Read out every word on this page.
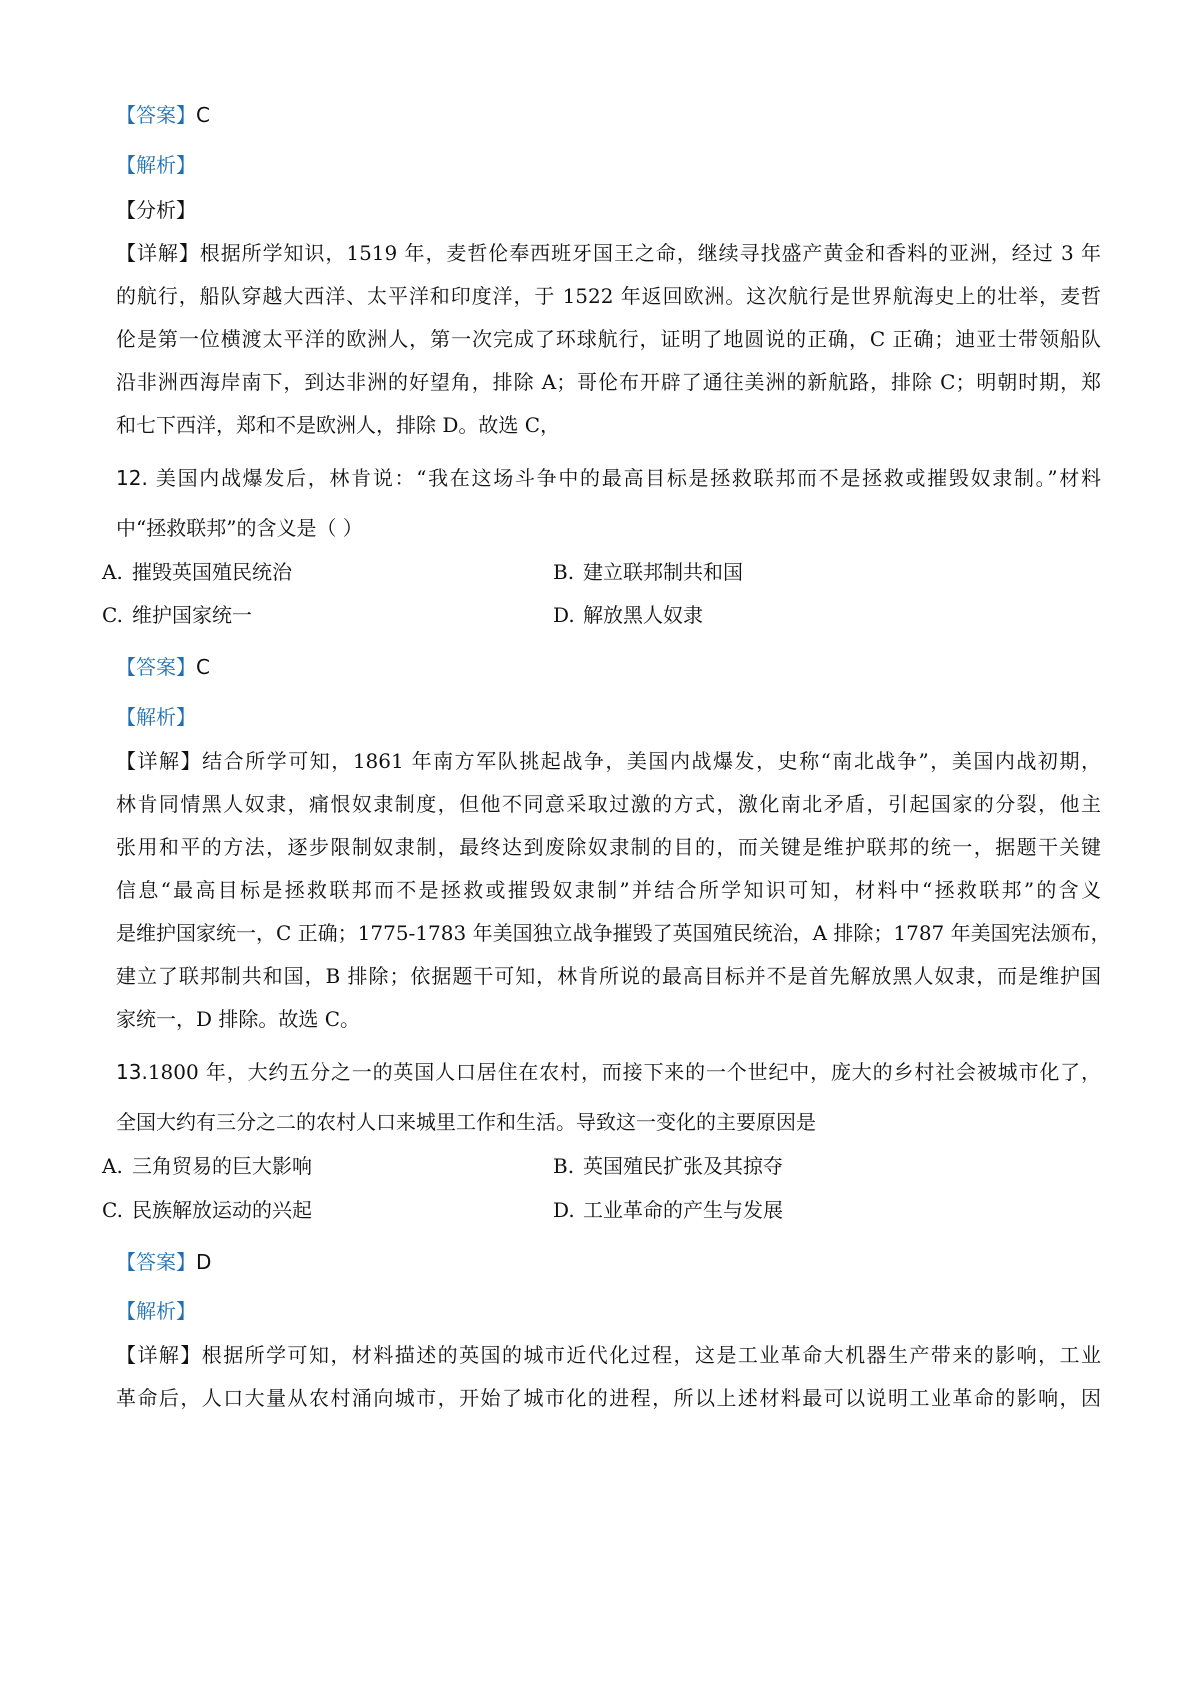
【答案】C
【解析】
【分析】
【详解】根据所学知识，1519 年，麦哲伦奉西班牙国王之命，继续寻找盛产黄金和香料的亚洲，经过 3 年
的航行，船队穿越大西洋、太平洋和印度洋，于 1522 年返回欧洲。这次航行是世界航海史上的壮举，麦哲
伦是第一位横渡太平洋的欧洲人，第一次完成了环球航行，证明了地圆说的正确，C 正确；迪亚士带领船队
沿非洲西海岸南下，到达非洲的好望角，排除 A；哥伦布开辟了通往美洲的新航路，排除 C；明朝时期，郑
和七下西洋，郑和不是欧洲人，排除 D。故选 C，
12. 美国内战爆发后，林肯说：“我在这场斗争中的最高目标是拯救联邦而不是拯救或摧毁奴隶制。”材料
中“拯救联邦”的含义是（ ）
A. 摧毁英国殖民统治	B. 建立联邦制共和国
C. 维护国家统一	D. 解放黑人奴隶
【答案】C
【解析】
【详解】结合所学可知，1861 年南方军队挑起战争，美国内战爆发，史称“南北战争”，美国内战初期，
林肯同情黑人奴隶，痛恨奴隶制度，但他不同意采取过激的方式，激化南北矛盾，引起国家的分裂，他主
张用和平的方法，逐步限制奴隶制，最终达到废除奴隶制的目的，而关键是维护联邦的统一，据题干关键
信息“最高目标是拯救联邦而不是拯救或摧毁奴隶制”并结合所学知识可知，材料中“拯救联邦”的含义
是维护国家统一，C 正确；1775-1783 年美国独立战争摧毁了英国殖民统治，A 排除；1787 年美国宪法颁布，
建立了联邦制共和国，B 排除；依据题干可知，林肯所说的最高目标并不是首先解放黑人奴隶，而是维护国
家统一，D 排除。故选 C。
13.1800 年，大约五分之一的英国人口居住在农村，而接下来的一个世纪中，庞大的乡村社会被城市化了，
全国大约有三分之二的农村人口来城里工作和生活。导致这一变化的主要原因是
A. 三角贸易的巨大影响	B. 英国殖民扩张及其掠夺
C. 民族解放运动的兴起	D. 工业革命的产生与发展
【答案】D
【解析】
【详解】根据所学可知，材料描述的英国的城市近代化过程，这是工业革命大机器生产带来的影响，工业
革命后，人口大量从农村涌向城市，开始了城市化的进程，所以上述材料最可以说明工业革命的影响，因
